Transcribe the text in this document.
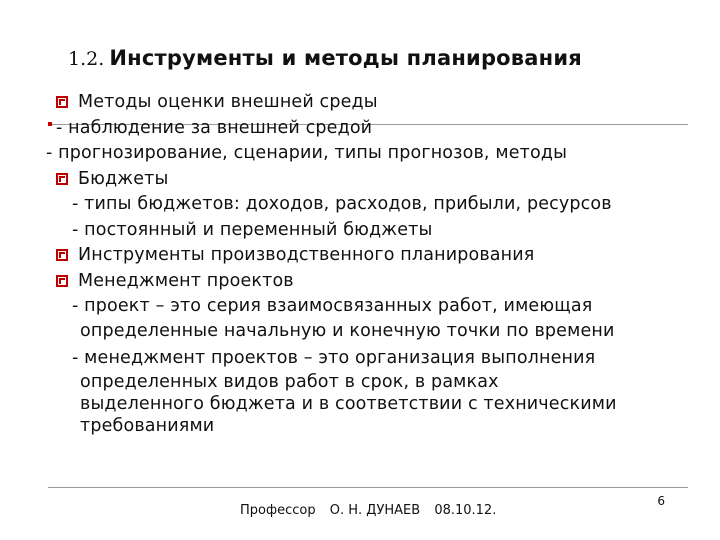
1.2. Инструменты и методы планирования
Методы оценки внешней среды
- наблюдение за внешней средой
- прогнозирование, сценарии, типы прогнозов, методы
Бюджеты
- типы бюджетов: доходов, расходов, прибыли, ресурсов
- постоянный и переменный бюджеты
Инструменты производственного планирования
Менеджмент проектов
- проект – это серия взаимосвязанных работ, имеющая
определенные начальную и конечную точки по времени
- менеджмент проектов – это организация выполнения
определенных видов работ в срок, в рамках
выделенного бюджета и в соответствии с техническими
требованиями
Профессор О. Н. ДУНАЕВ 08.10.12.
6
